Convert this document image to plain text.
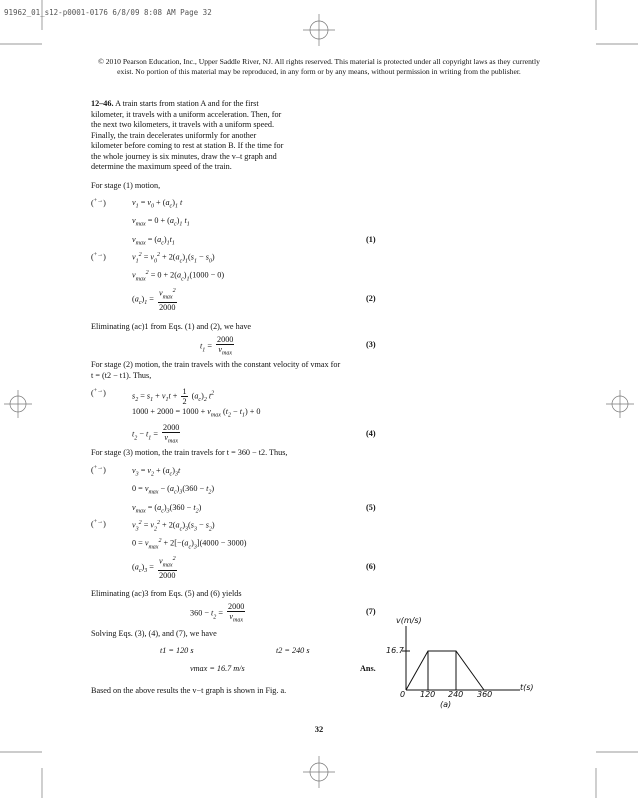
91962_01_s12-p0001-0176 6/8/09 8:08 AM Page 32
© 2010 Pearson Education, Inc., Upper Saddle River, NJ. All rights reserved. This material is protected under all copyright laws as they currently
exist. No portion of this material may be reproduced, in any form or by any means, without permission in writing from the publisher.
12–46. A train starts from station A and for the first
kilometer, it travels with a uniform acceleration. Then, for
the next two kilometers, it travels with a uniform speed.
Finally, the train decelerates uniformly for another
kilometer before coming to rest at station B. If the time for
the whole journey is six minutes, draw the v–t graph and
determine the maximum speed of the train.
For stage (1) motion,
(+→)	$v_1 = v_0 + (a_c)_1$ t
$v_{max} = 0 + (a_c)_1$ $t_1$
$v_{max} = (a_c)_1t_1$	(1)
(+→)	$v_1^2 = v_0^2 + 2(a_c)_1(s_1 - s_0)$
$v_{max}^2 = 0 + 2(a_c)_1(1000 - 0)$
$(a_c)_1 = \frac{v_{max}^2}{2000}$	(2)
Eliminating (ac)1 from Eqs. (1) and (2), we have
$t_1 = \frac{2000}{v_{max}}$	(3)
For stage (2) motion, the train travels with the constant velocity of vmax for
t = (t2 − t1). Thus,
(+→)	$s_2 = s_1 + v_1t + \frac{1}{2} (a_c)_2$ $t^2$
$1000 + 2000 = 1000 + v_{max}$ $(t_2 - t_1) + 0$
$t_2 - t_1 = \frac{2000}{v_{max}}$	(4)
For stage (3) motion, the train travels for t = 360 − t2. Thus,
(+→)	$v_3 = v_2 + (a_c)_3t$
$0 = v_{max} - (a_c)_3(360 - t_2)$
$v_{max} = (a_c)_3(360 - t_2)$	(5)
(+→)	$v_3^2 = v_2^2 + 2(a_c)_3(s_3 - s_2)$
$0 = v_{max}^2 + 2[-(a_c)_3](4000 - 3000)$
$(a_c)_3 = \frac{v_{max}^2}{2000}$	(6)
Eliminating (ac)3 from Eqs. (5) and (6) yields
$360 - t_2 = \frac{2000}{v_{max}}$	(7)
Solving Eqs. (3), (4), and (7), we have
t1 = 120 s	t2 = 240 s
vmax = 16.7 m/s	Ans.
Based on the above results the v−t graph is shown in Fig. a.
v(m/s)
16.7
t(s)
0 120 240 360
(a)
32
